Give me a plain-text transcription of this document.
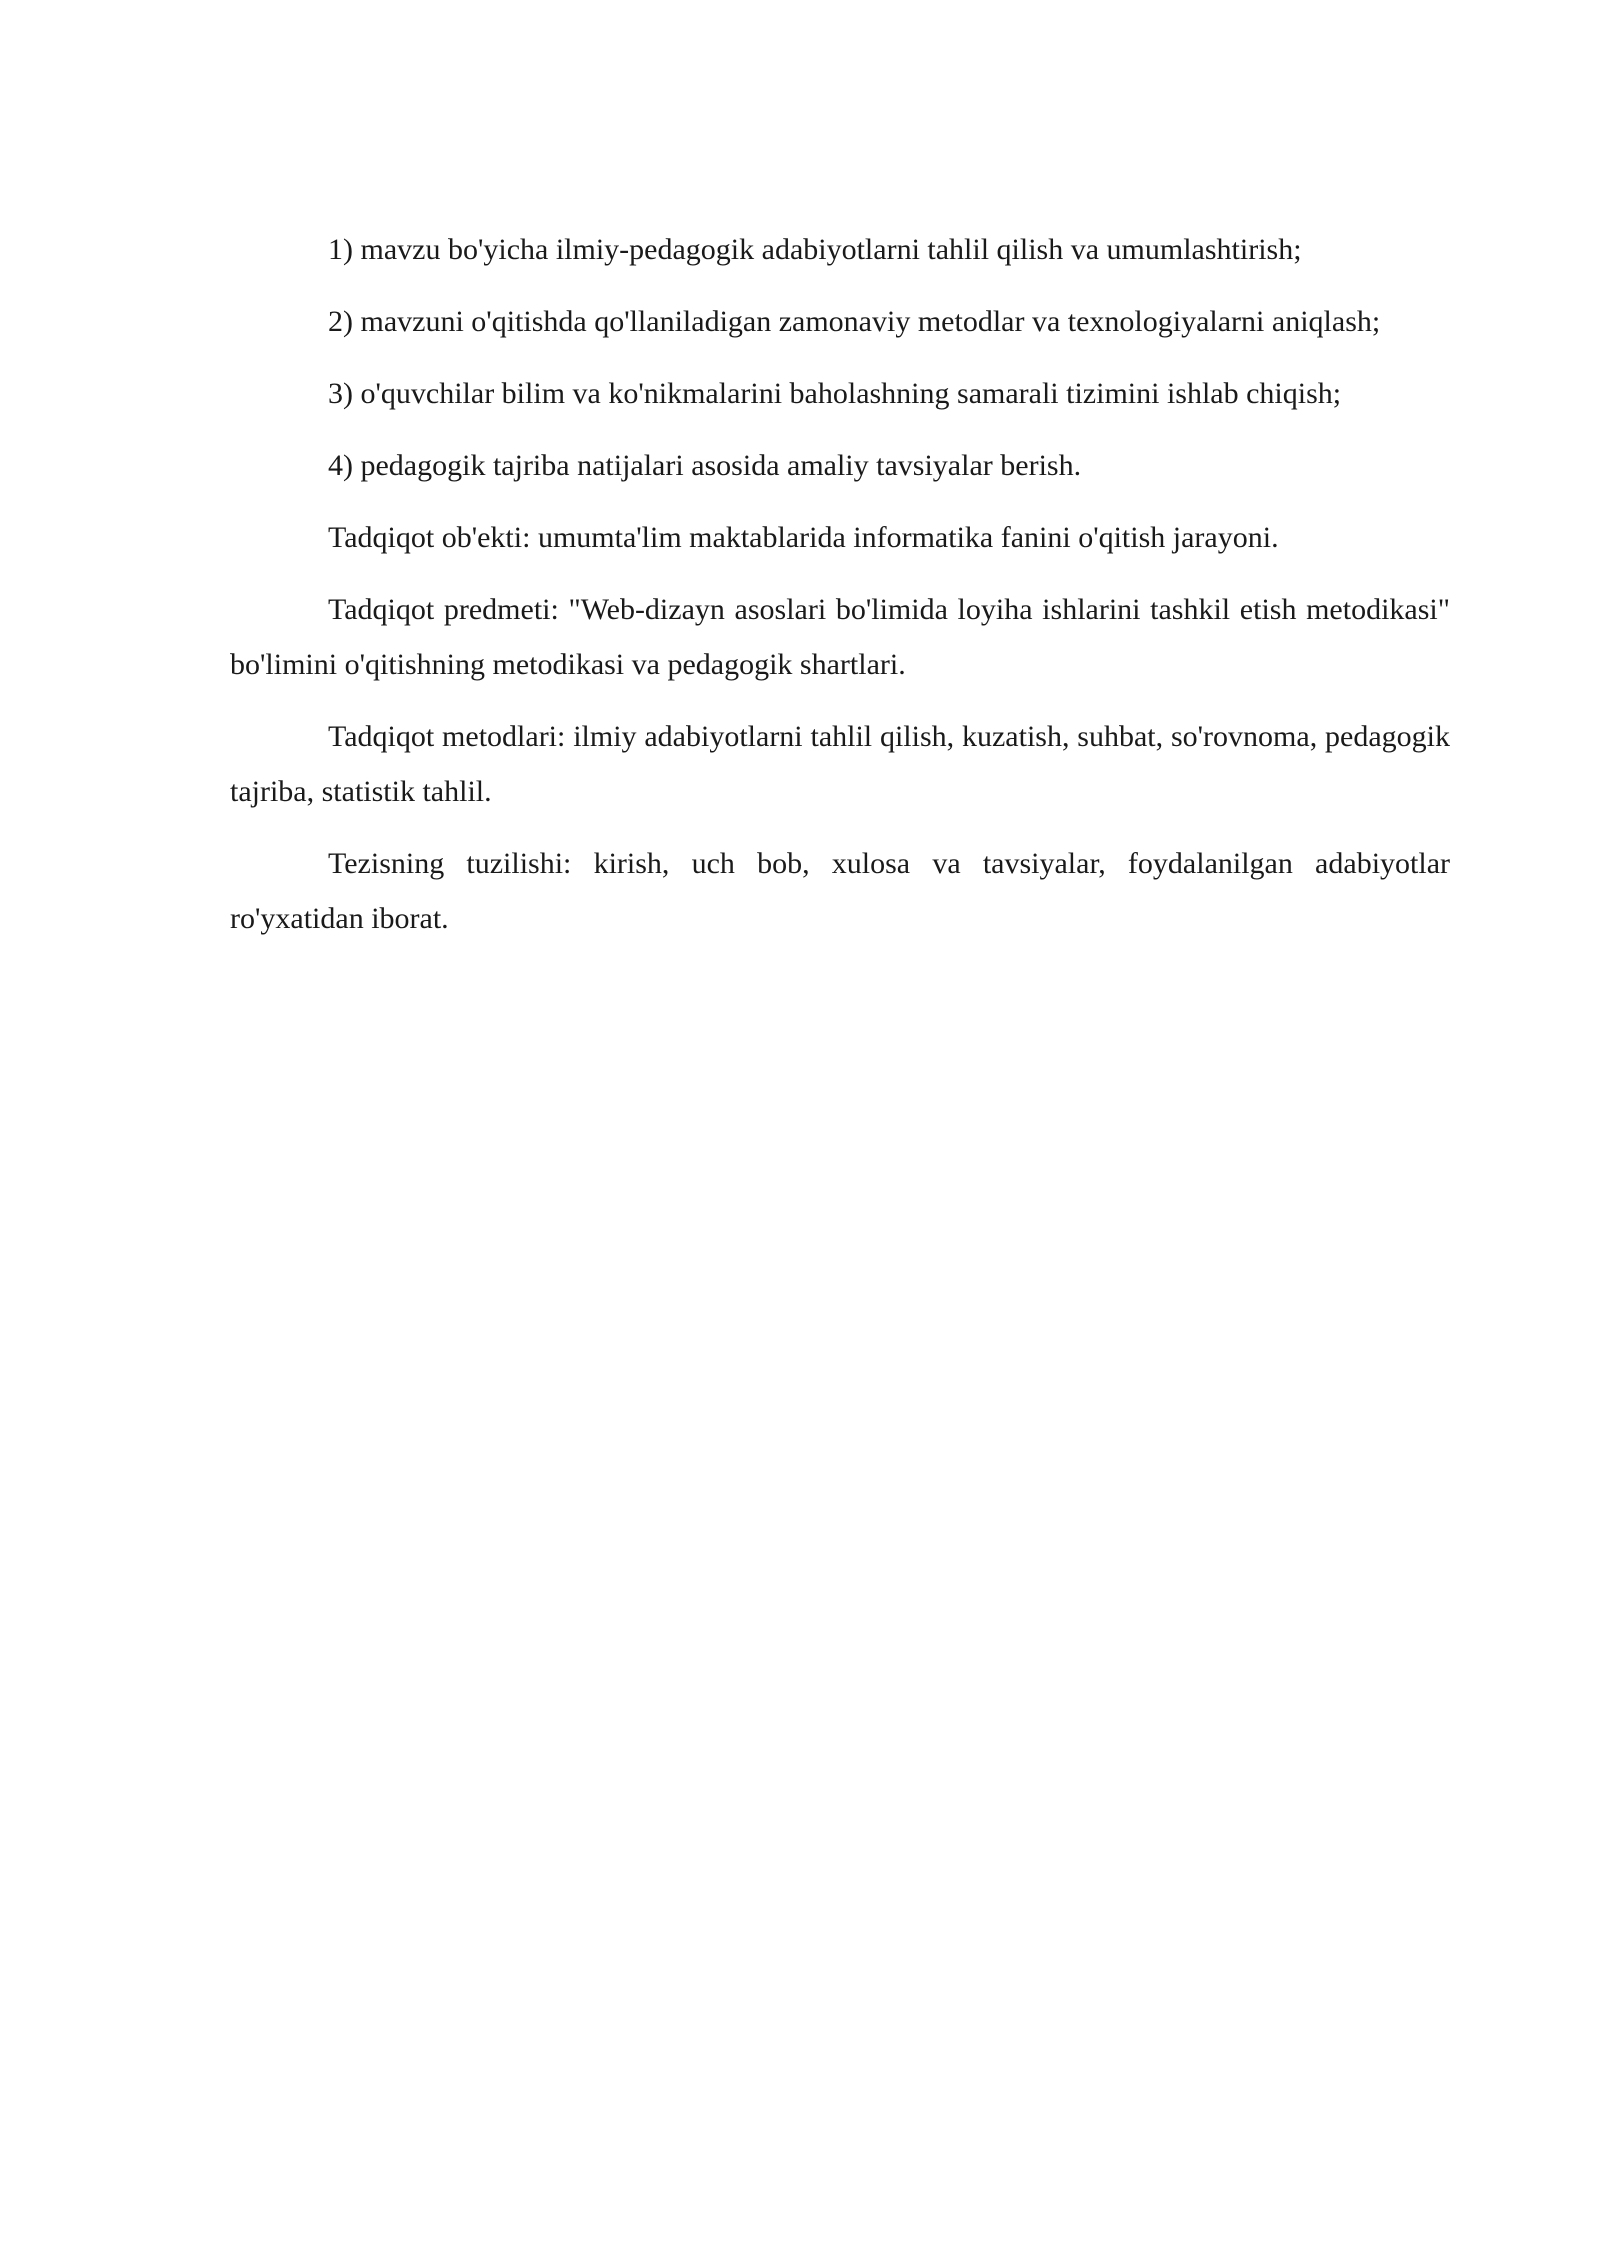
1) mavzu bo'yicha ilmiy-pedagogik adabiyotlarni tahlil qilish va umumlashtirish;

2) mavzuni o'qitishda qo'llaniladigan zamonaviy metodlar va texnologiyalarni aniqlash;

3) o'quvchilar bilim va ko'nikmalarini baholashning samarali tizimini ishlab chiqish;

4) pedagogik tajriba natijalari asosida amaliy tavsiyalar berish.

Tadqiqot ob'ekti: umumta'lim maktablarida informatika fanini o'qitish jarayoni.

Tadqiqot predmeti: "Web-dizayn asoslari bo'limida loyiha ishlarini tashkil etish metodikasi" bo'limini o'qitishning metodikasi va pedagogik shartlari.

Tadqiqot metodlari: ilmiy adabiyotlarni tahlil qilish, kuzatish, suhbat, so'rovnoma, pedagogik tajriba, statistik tahlil.

Tezisning tuzilishi: kirish, uch bob, xulosa va tavsiyalar, foydalanilgan adabiyotlar ro'yxatidan iborat.
